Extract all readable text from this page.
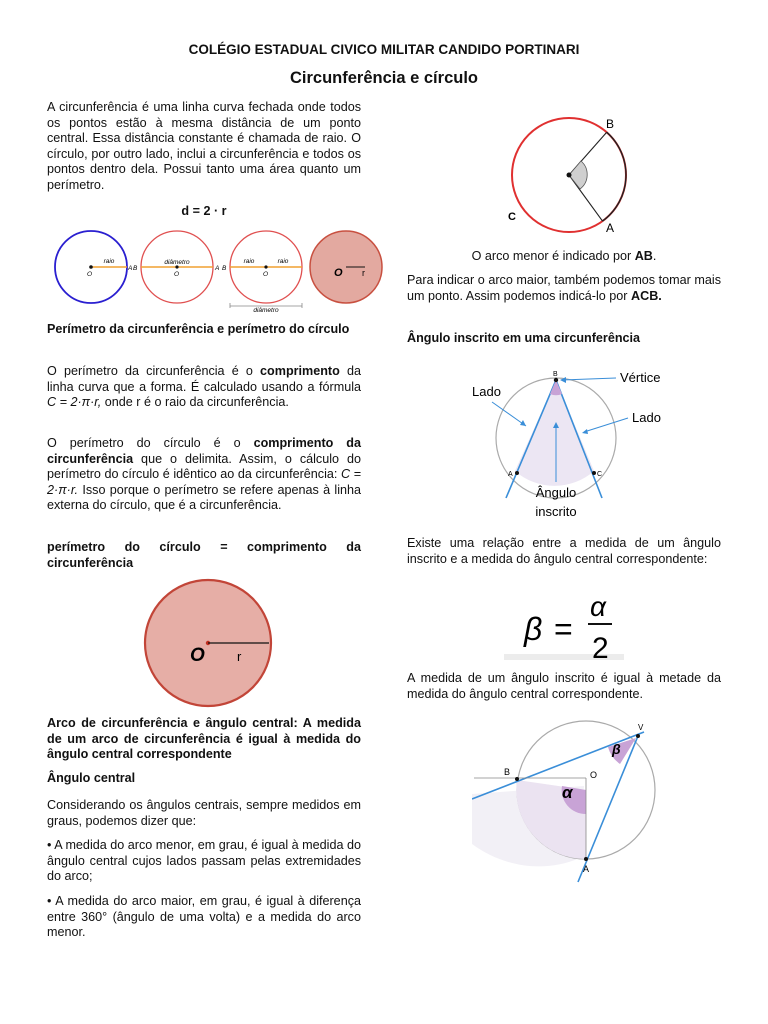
COLÉGIO ESTADUAL CIVICO MILITAR CANDIDO PORTINARI
Circunferência e círculo

A circunferência é uma linha curva fechada onde todos os pontos estão à mesma distância de um ponto central. Essa distância constante é chamada de raio. O círculo, por outro lado, inclui a circunferência e todos os pontos dentro dela. Possui tanto uma área quanto um perímetro.

d = 2 · r
raio
O
A
diâmetro
O
B	A
raio	raio
O
B
diâmetro
O r

Perímetro da circunferência e perímetro do círculo

O perímetro da circunferência é o comprimento da linha curva que a forma. É calculado usando a fórmula C = 2·π·r, onde r é o raio da circunferência.

O perímetro do círculo é o comprimento da circunferência que o delimita. Assim, o cálculo do perímetro do círculo é idêntico ao da circunferência: C = 2·π·r. Isso porque o perímetro se refere apenas à linha externa do círculo, que é a circunferência.

perímetro do círculo = comprimento da circunferência

O r

Arco de circunferência e ângulo central: A medida de um arco de circunferência é igual à medida do ângulo central correspondente

Ângulo central

Considerando os ângulos centrais, sempre medidos em graus, podemos dizer que:

• A medida do arco menor, em grau, é igual à medida do ângulo central cujos lados passam pelas extremidades do arco;

• A medida do arco maior, em grau, é igual à diferença entre 360° (ângulo de uma volta) e a medida do arco menor.

B
A
C

O arco menor é indicado por AB.

Para indicar o arco maior, também podemos tomar mais um ponto. Assim podemos indicá-lo por ACB.

Ângulo inscrito em uma circunferência

B
A	C
Lado
Vértice
Lado
Ângulo
inscrito

Existe uma relação entre a medida de um ângulo inscrito e a medida do ângulo central correspondente:

β =
α
2

A medida de um ângulo inscrito é igual à metade da medida do ângulo central correspondente.

V
B	O
A
α
β
